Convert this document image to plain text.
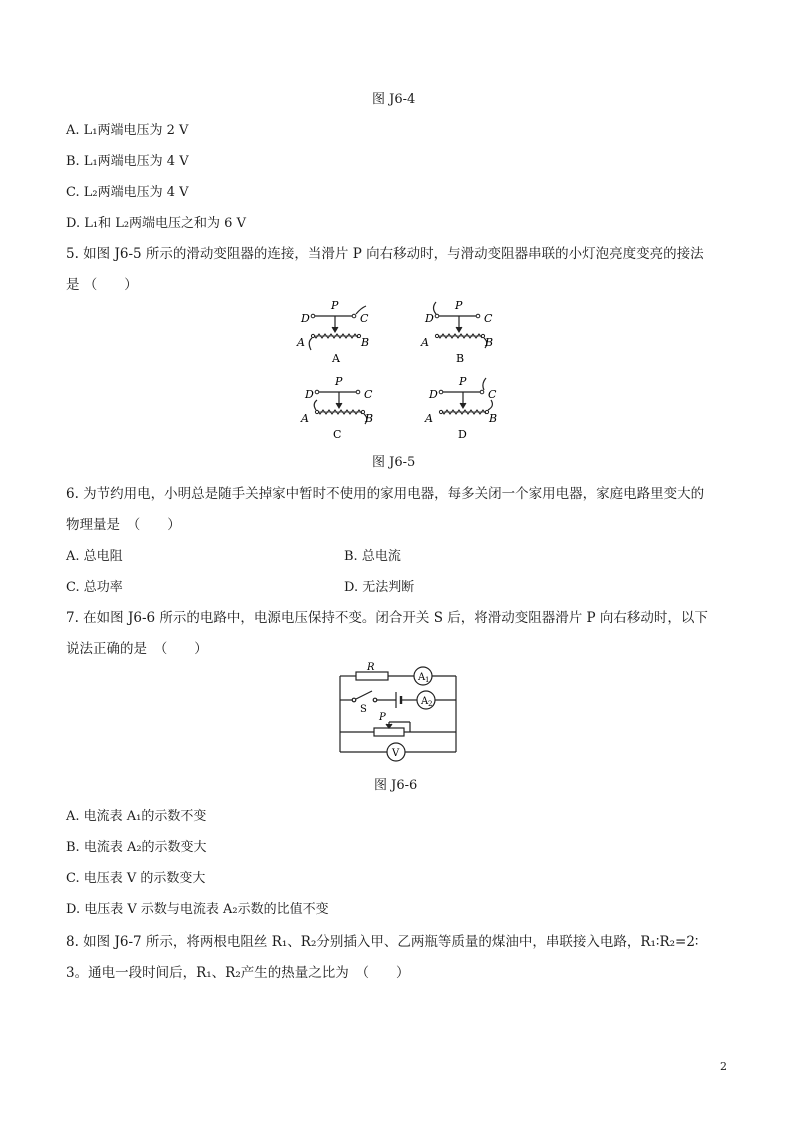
图 J6-4
A. L₁两端电压为 2 V
B. L₁两端电压为 4 V
C. L₂两端电压为 4 V
D. L₁和 L₂两端电压之和为 6 V
5. 如图 J6-5 所示的滑动变阻器的连接，当滑片 P 向右移动时，与滑动变阻器串联的小灯泡亮度变亮的接法
是 （　　）
P
D	C
A	B
A
P
D	C
A	B
B
P
D	C
A	B
C
P
D	C
A	B
D
图 J6-5
6. 为节约用电，小明总是随手关掉家中暂时不使用的家用电器，每多关闭一个家用电器，家庭电路里变大的
物理量是　（　　）
A. 总电阻	B. 总电流
C. 总功率	D. 无法判断
7. 在如图 J6-6 所示的电路中，电源电压保持不变。闭合开关 S 后，将滑动变阻器滑片 P 向右移动时，以下
说法正确的是　（　　）
R
A 1
A 2
S
P
V
图 J6-6
A. 电流表 A₁的示数不变
B. 电流表 A₂的示数变大
C. 电压表 V 的示数变大
D. 电压表 V 示数与电流表 A₂示数的比值不变
8. 如图 J6-7 所示，将两根电阻丝 R₁、R₂分别插入甲、乙两瓶等质量的煤油中，串联接入电路，R₁∶R₂=2∶
3。通电一段时间后，R₁、R₂产生的热量之比为　（　　）
2
